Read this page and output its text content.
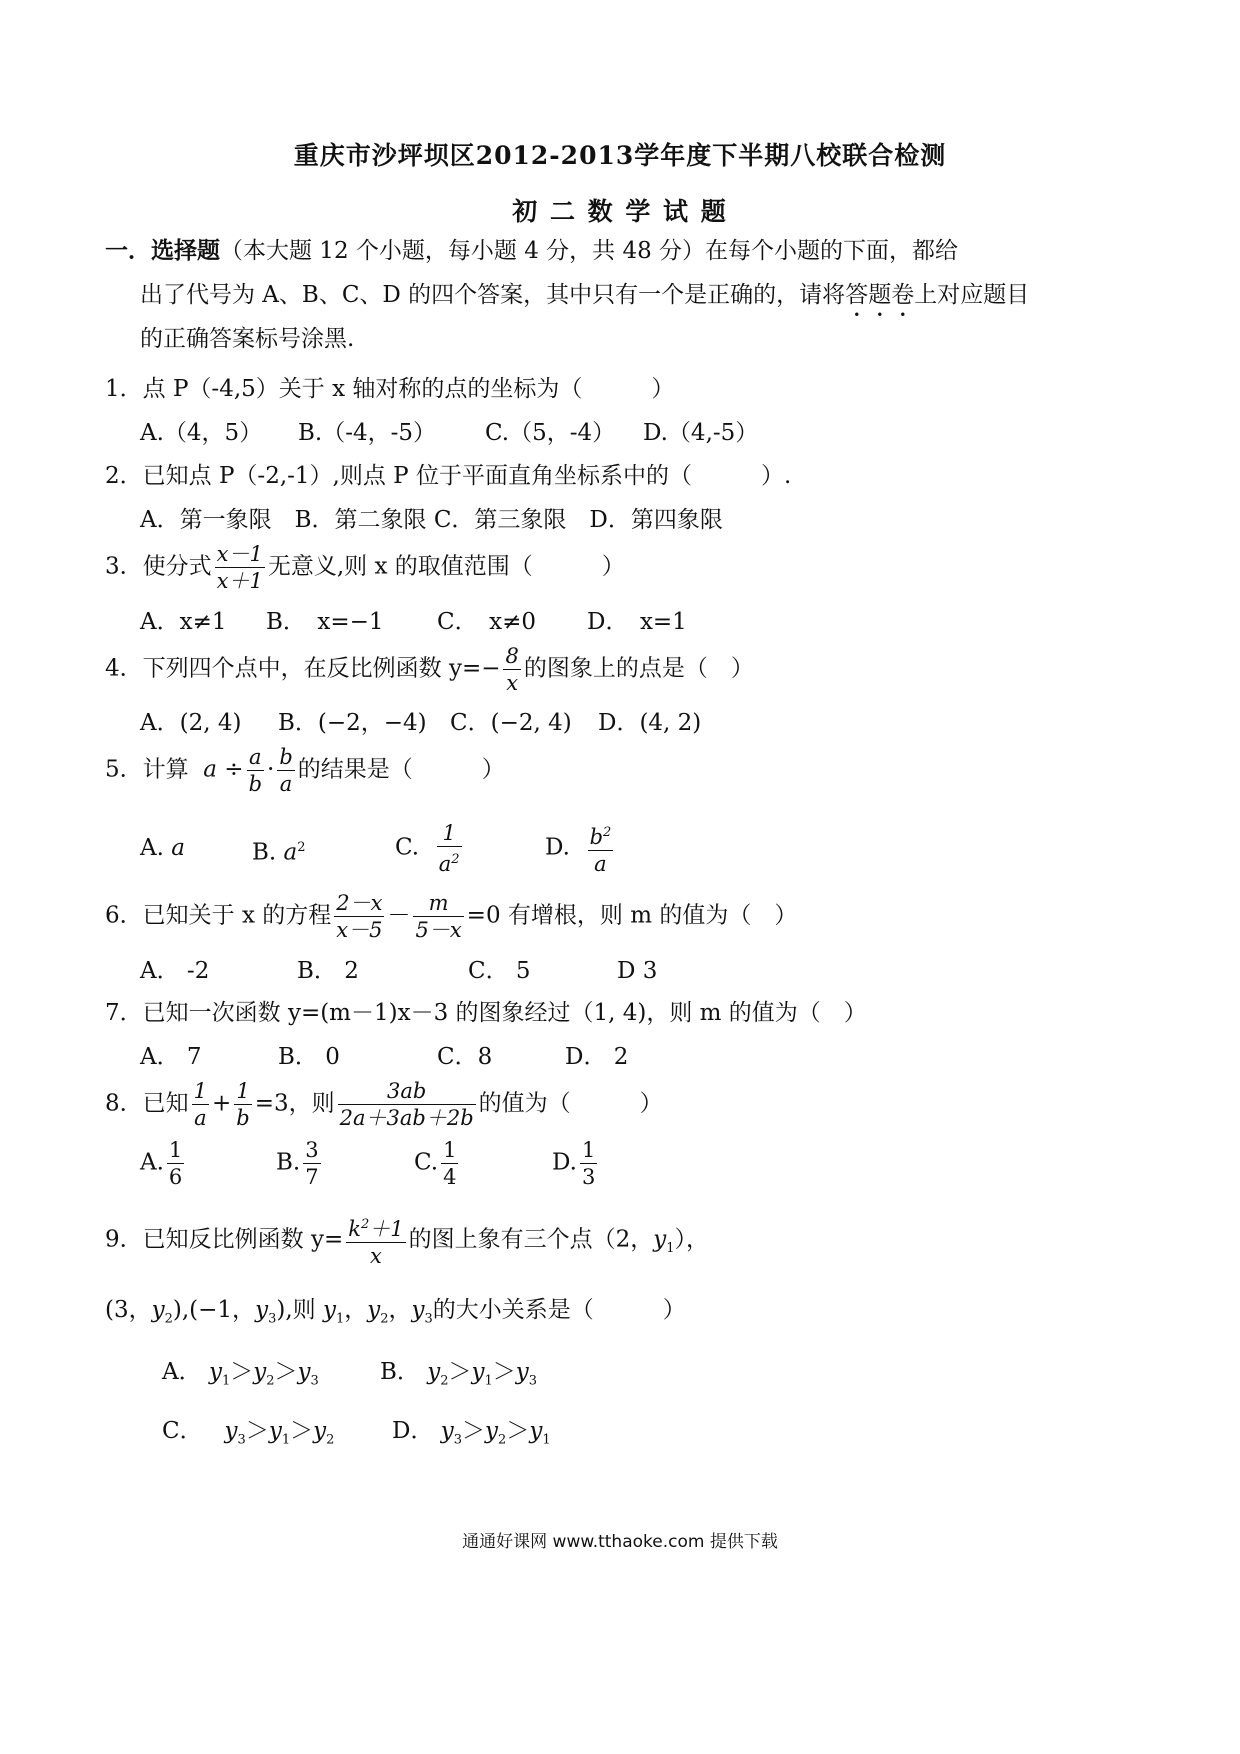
重庆市沙坪坝区2012-2013学年度下半期八校联合检测
初 二 数 学 试 题
一．选择题（本大题 12 个小题，每小题 4 分，共 48 分）在每个小题的下面，都给
出了代号为 A、B、C、D 的四个答案，其中只有一个是正确的，请将答题卷上对应题目
的正确答案标号涂黑.
1．点 P（-4,5）关于 x 轴对称的点的坐标为（　　　）
A.（4，5） B.（-4，-5） C.（5，-4） D.（4,-5）
2．已知点 P（-2,-1）,则点 P 位于平面直角坐标系中的（　　　）.
A．第一象限　B．第二象限 C．第三象限　D．第四象限
3．使分式 $\frac{x-1}{x+1}$ 无意义,则 x 的取值范围（　　　）
A．x≠1 B．　x=−1 C．　x≠0 D．　x=1
4．下列四个点中，在反比例函数 $y=- \frac{8}{x}$ 的图象上的点是（　）
A．(2, 4) B．(−2，−4) C．(−2, 4) D．(4, 2)
5．计算 $a \div \frac{a}{b} \cdot \frac{b}{a}$ 的结果是（　　　）
A. a	B. $a^2$	C. $\frac{1}{a^2}$	D. $\frac{b^2}{a}$
6．已知关于 x 的方程 $\frac{2-x}{x-5} - \frac{m}{5-x} =0$ 有增根，则 m 的值为（　）
A． -2	B． 2	C． 5	D 3
7．已知一次函数 y=(m－1)x－3 的图象经过（1, 4)，则 m 的值为（　）
A． 7	B． 0	C．8	D． 2
8．已知 $\frac{1}{a} + \frac{1}{b} =3$，则 $\frac{3ab}{2a+3ab+2b}$ 的值为（　　　）
A. $\frac{1}{6}$	B. $\frac{3}{7}$	C. $\frac{1}{4}$	D. $\frac{1}{3}$
9．已知反比例函数 $y= \frac{k^2+1}{x}$ 的图上象有三个点（2，$y_1$），
(3，$y_2),(-1$，$y_3$),则 $y_1$，$y_2$，$y_3$的大小关系是（　　　）
A． $y_1>y_2>y_3$	B． $y_2>y_1>y_3$
C． $y_3>y_1>y_2$	D． $y_3>y_2>y_1$
通通好课网 www.tthaoke.com 提供下载
